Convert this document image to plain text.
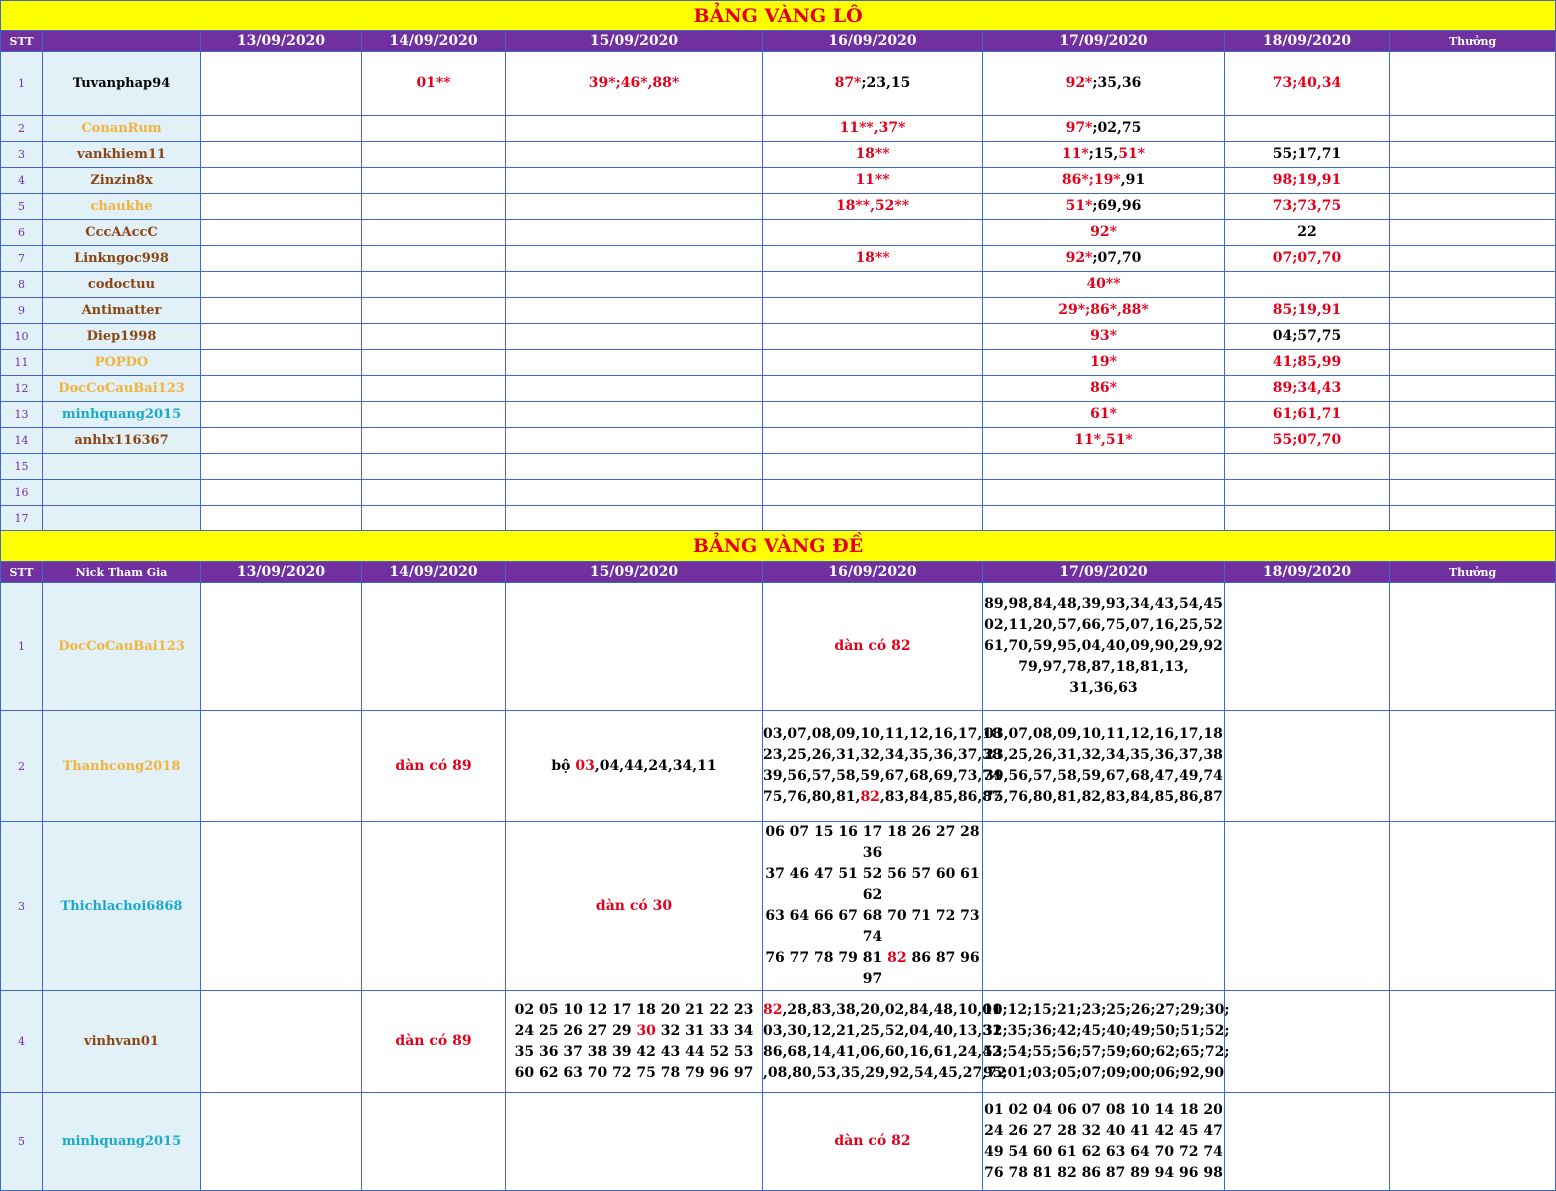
BẢNG VÀNG LÔ									
STT		13/09/2020	14/09/2020	15/09/2020	16/09/2020	17/09/2020	18/09/2020	Thưởng	
1	Tuvanphap94		01**	39*;46*,88*	87*;23,15	92*;35,36	73;40,34		
2	ConanRum				11**,37*	97*;02,75			
3	vankhiem11				18**	11*;15,51*	55;17,71		
4	Zinzin8x				11**	86*;19*,91	98;19,91		
5	chaukhe				18**,52**	51*;69,96	73;73,75		
6	CccAAccC					92*	22		
7	Linkngoc998				18**	92*;07,70	07;07,70		
8	codoctuu					40**			
9	Antimatter					29*;86*,88*	85;19,91		
10	Diep1998					93*	04;57,75		
11	POPDO					19*	41;85,99		
12	DocCoCauBai123					86*	89;34,43		
13	minhquang2015					61*	61;61,71		
14	anhlx116367					11*,51*	55;07,70		
15									
16									
17									
BẢNG VÀNG ĐỀ									
STT	Nick Tham Gia	13/09/2020	14/09/2020	15/09/2020	16/09/2020	17/09/2020	18/09/2020	Thưởng	
1	DocCoCauBai123				dàn có 82	89,98,84,48,39,93,34,43,54,45
02,11,20,57,66,75,07,16,25,52
61,70,59,95,04,40,09,90,29,92
79,97,78,87,18,81,13, 31,36,63			
2	Thanhcong2018		dàn có 89	bộ 03,04,44,24,34,11	03,07,08,09,10,11,12,16,17,18
23,25,26,31,32,34,35,36,37,38
39,56,57,58,59,67,68,69,73,74
75,76,80,81,82,83,84,85,86,87	03,07,08,09,10,11,12,16,17,18
23,25,26,31,32,34,35,36,37,38
39,56,57,58,59,67,68,47,49,74
75,76,80,81,82,83,84,85,86,87			
3	Thichlachoi6868			dàn có 30	06 07 15 16 17 18 26 27 28 36
37 46 47 51 52 56 57 60 61 62
63 64 66 67 68 70 71 72 73 74
76 77 78 79 81 82 86 87 96 97				
4	vinhvan01		dàn có 89	02 05 10 12 17 18 20 21 22 23
24 25 26 27 29 30 32 31 33 34
35 36 37 38 39 42 43 44 52 53
60 62 63 70 72 75 78 79 96 97	82,28,83,38,20,02,84,48,10,01
03,30,12,21,25,52,04,40,13,31
86,68,14,41,06,60,16,61,24,42
,08,80,53,35,29,92,54,45,27,72	10;12;15;21;23;25;26;27;29;30;
32;35;36;42;45;40;49;50;51;52;
53;54;55;56;57;59;60;62;65;72;
95;01;03;05;07;09;00;06;92,90			
5	minhquang2015				dàn có 82	01 02 04 06 07 08 10 14 18 20
24 26 27 28 32 40 41 42 45 47
49 54 60 61 62 63 64 70 72 74
76 78 81 82 86 87 89 94 96 98			
